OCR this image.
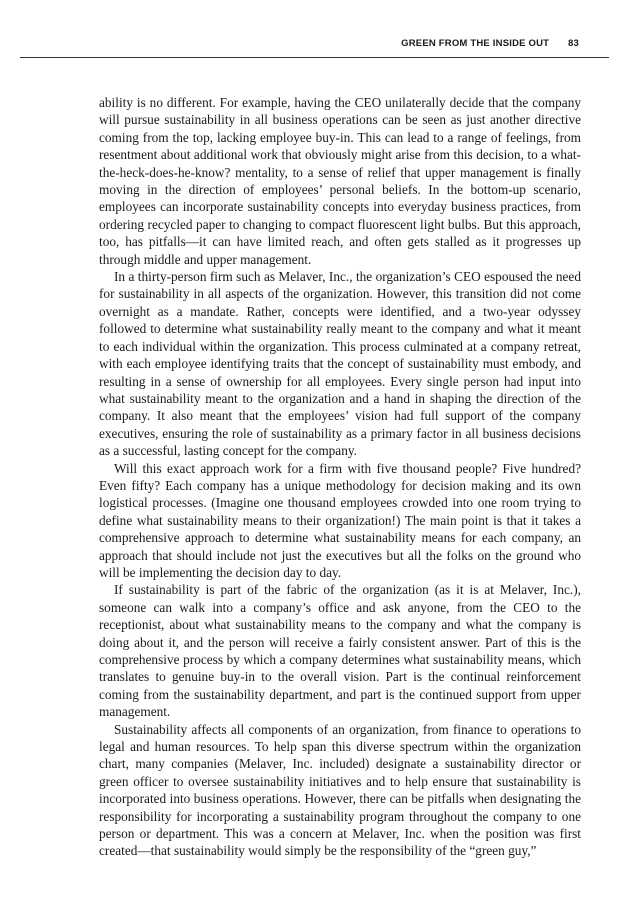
GREEN FROM THE INSIDE OUT 83

ability is no different. For example, having the CEO unilaterally decide that the company will pursue sustainability in all business operations can be seen as just another directive coming from the top, lacking employee buy-in. This can lead to a range of feelings, from resentment about additional work that obviously might arise from this decision, to a what-the-heck-does-he-know? mentality, to a sense of relief that upper management is finally moving in the direction of employees’ personal beliefs. In the bottom-up scenario, employees can incorporate sustainability concepts into everyday business practices, from ordering recycled paper to changing to compact fluorescent light bulbs. But this approach, too, has pitfalls—it can have limited reach, and often gets stalled as it progresses up through middle and upper management.

In a thirty-person firm such as Melaver, Inc., the organization’s CEO espoused the need for sustainability in all aspects of the organization. However, this transition did not come overnight as a mandate. Rather, concepts were identified, and a two-year odyssey followed to determine what sustainability really meant to the company and what it meant to each individual within the organization. This process culminated at a company retreat, with each employee identifying traits that the concept of sustainability must embody, and resulting in a sense of ownership for all employees. Every single person had input into what sustainability meant to the organization and a hand in shaping the direction of the company. It also meant that the employees’ vision had full support of the company executives, ensuring the role of sustainability as a primary factor in all business decisions as a successful, lasting concept for the company.

Will this exact approach work for a firm with five thousand people? Five hundred? Even fifty? Each company has a unique methodology for decision making and its own logistical processes. (Imagine one thousand employees crowded into one room trying to define what sustainability means to their organization!) The main point is that it takes a comprehensive approach to determine what sustainability means for each company, an approach that should include not just the executives but all the folks on the ground who will be implementing the decision day to day.

If sustainability is part of the fabric of the organization (as it is at Melaver, Inc.), someone can walk into a company’s office and ask anyone, from the CEO to the receptionist, about what sustainability means to the company and what the company is doing about it, and the person will receive a fairly consistent answer. Part of this is the comprehensive process by which a company determines what sustainability means, which translates to genuine buy-in to the overall vision. Part is the continual reinforcement coming from the sustainability department, and part is the continued support from upper management.

Sustainability affects all components of an organization, from finance to operations to legal and human resources. To help span this diverse spectrum within the organization chart, many companies (Melaver, Inc. included) designate a sustainability director or green officer to oversee sustainability initiatives and to help ensure that sustainability is incorporated into business operations. However, there can be pitfalls when designating the responsibility for incorporating a sustainability program throughout the company to one person or department. This was a concern at Melaver, Inc. when the position was first created—that sustainability would simply be the responsibility of the “green guy,”
